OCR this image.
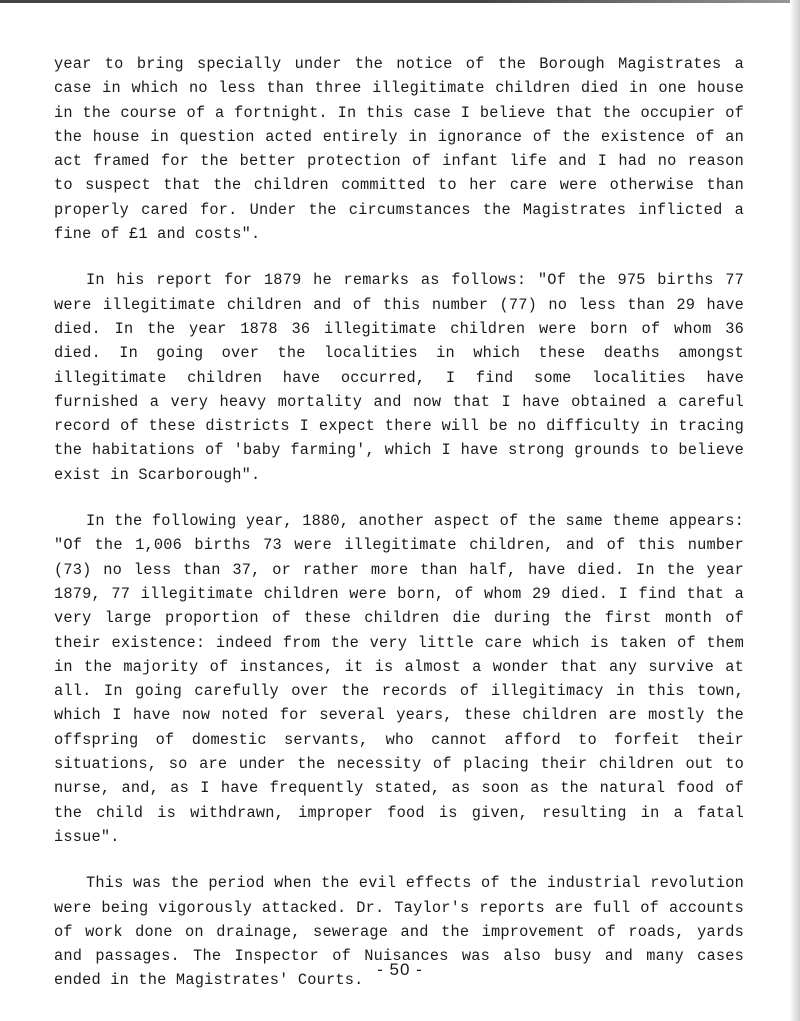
year to bring specially under the notice of the Borough Magistrates a case in which no less than three illegitimate children died in one house in the course of a fortnight. In this case I believe that the occupier of the house in question acted entirely in ignorance of the existence of an act framed for the better protection of infant life and I had no reason to suspect that the children committed to her care were otherwise than properly cared for. Under the circumstances the Magistrates inflicted a fine of £1 and costs".

In his report for 1879 he remarks as follows: "Of the 975 births 77 were illegitimate children and of this number (77) no less than 29 have died. In the year 1878 36 illegitimate children were born of whom 36 died. In going over the localities in which these deaths amongst illegitimate children have occurred, I find some localities have furnished a very heavy mortality and now that I have obtained a careful record of these districts I expect there will be no difficulty in tracing the habitations of 'baby farming', which I have strong grounds to believe exist in Scarborough".

In the following year, 1880, another aspect of the same theme appears: "Of the 1,006 births 73 were illegitimate children, and of this number (73) no less than 37, or rather more than half, have died. In the year 1879, 77 illegitimate children were born, of whom 29 died. I find that a very large proportion of these children die during the first month of their existence: indeed from the very little care which is taken of them in the majority of instances, it is almost a wonder that any survive at all. In going carefully over the records of illegitimacy in this town, which I have now noted for several years, these children are mostly the offspring of domestic servants, who cannot afford to forfeit their situations, so are under the necessity of placing their children out to nurse, and, as I have frequently stated, as soon as the natural food of the child is withdrawn, improper food is given, resulting in a fatal issue".

This was the period when the evil effects of the industrial revolution were being vigorously attacked. Dr. Taylor's reports are full of accounts of work done on drainage, sewerage and the improvement of roads, yards and passages. The Inspector of Nuisances was also busy and many cases ended in the Magistrates' Courts.

- 50 -
